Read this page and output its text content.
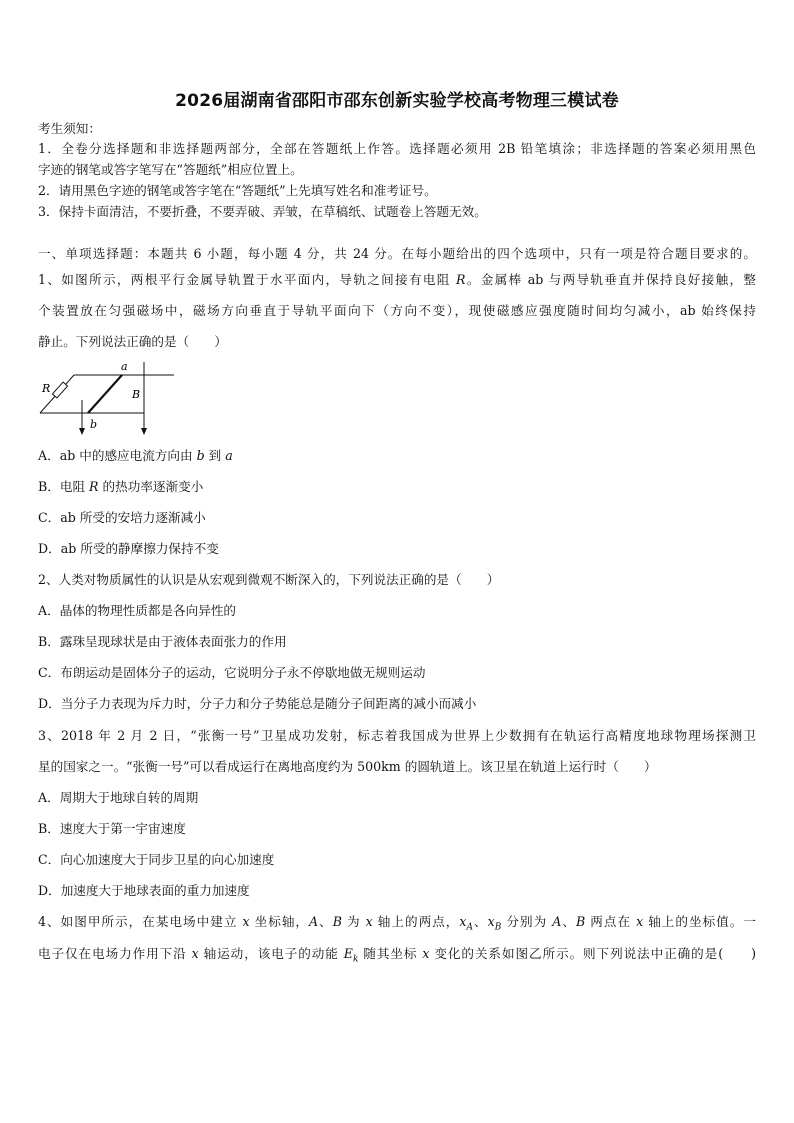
2026届湖南省邵阳市邵东创新实验学校高考物理三模试卷
考生须知：
1．全卷分选择题和非选择题两部分，全部在答题纸上作答。选择题必须用 2B 铅笔填涂；非选择题的答案必须用黑色
字迹的钢笔或答字笔写在“答题纸”相应位置上。
2．请用黑色字迹的钢笔或答字笔在“答题纸”上先填写姓名和准考证号。
3．保持卡面清洁，不要折叠，不要弄破、弄皱，在草稿纸、试题卷上答题无效。
一、单项选择题：本题共 6 小题，每小题 4 分，共 24 分。在每小题给出的四个选项中，只有一项是符合题目要求的。
1、如图所示，两根平行金属导轨置于水平面内，导轨之间接有电阻 R。金属棒 ab 与两导轨垂直并保持良好接触，整
个装置放在匀强磁场中，磁场方向垂直于导轨平面向下（方向不变），现使磁感应强度随时间均匀减小，ab 始终保持
静止。下列说法正确的是（　　）
R
a
b
B
A．ab 中的感应电流方向由 b 到 a
B．电阻 R 的热功率逐渐变小
C．ab 所受的安培力逐渐减小
D．ab 所受的静摩擦力保持不变
2、人类对物质属性的认识是从宏观到微观不断深入的，下列说法正确的是（　　）
A．晶体的物理性质都是各向异性的
B．露珠呈现球状是由于液体表面张力的作用
C．布朗运动是固体分子的运动，它说明分子永不停歇地做无规则运动
D．当分子力表现为斥力时，分子力和分子势能总是随分子间距离的减小而减小
3、2018 年 2 月 2 日，“张衡一号”卫星成功发射，标志着我国成为世界上少数拥有在轨运行高精度地球物理场探测卫
星的国家之一。“张衡一号”可以看成运行在离地高度约为 500km 的圆轨道上。该卫星在轨道上运行时（　　）
A．周期大于地球自转的周期
B．速度大于第一宇宙速度
C．向心加速度大于同步卫星的向心加速度
D．加速度大于地球表面的重力加速度
4、如图甲所示，在某电场中建立 x 坐标轴，A、B 为 x 轴上的两点，$x_A$、$x_B$ 分别为 A、B 两点在 x 轴上的坐标值。一
电子仅在电场力作用下沿 x 轴运动，该电子的动能 $E_k$ 随其坐标 x 变化的关系如图乙所示。则下列说法中正确的是(　　)
